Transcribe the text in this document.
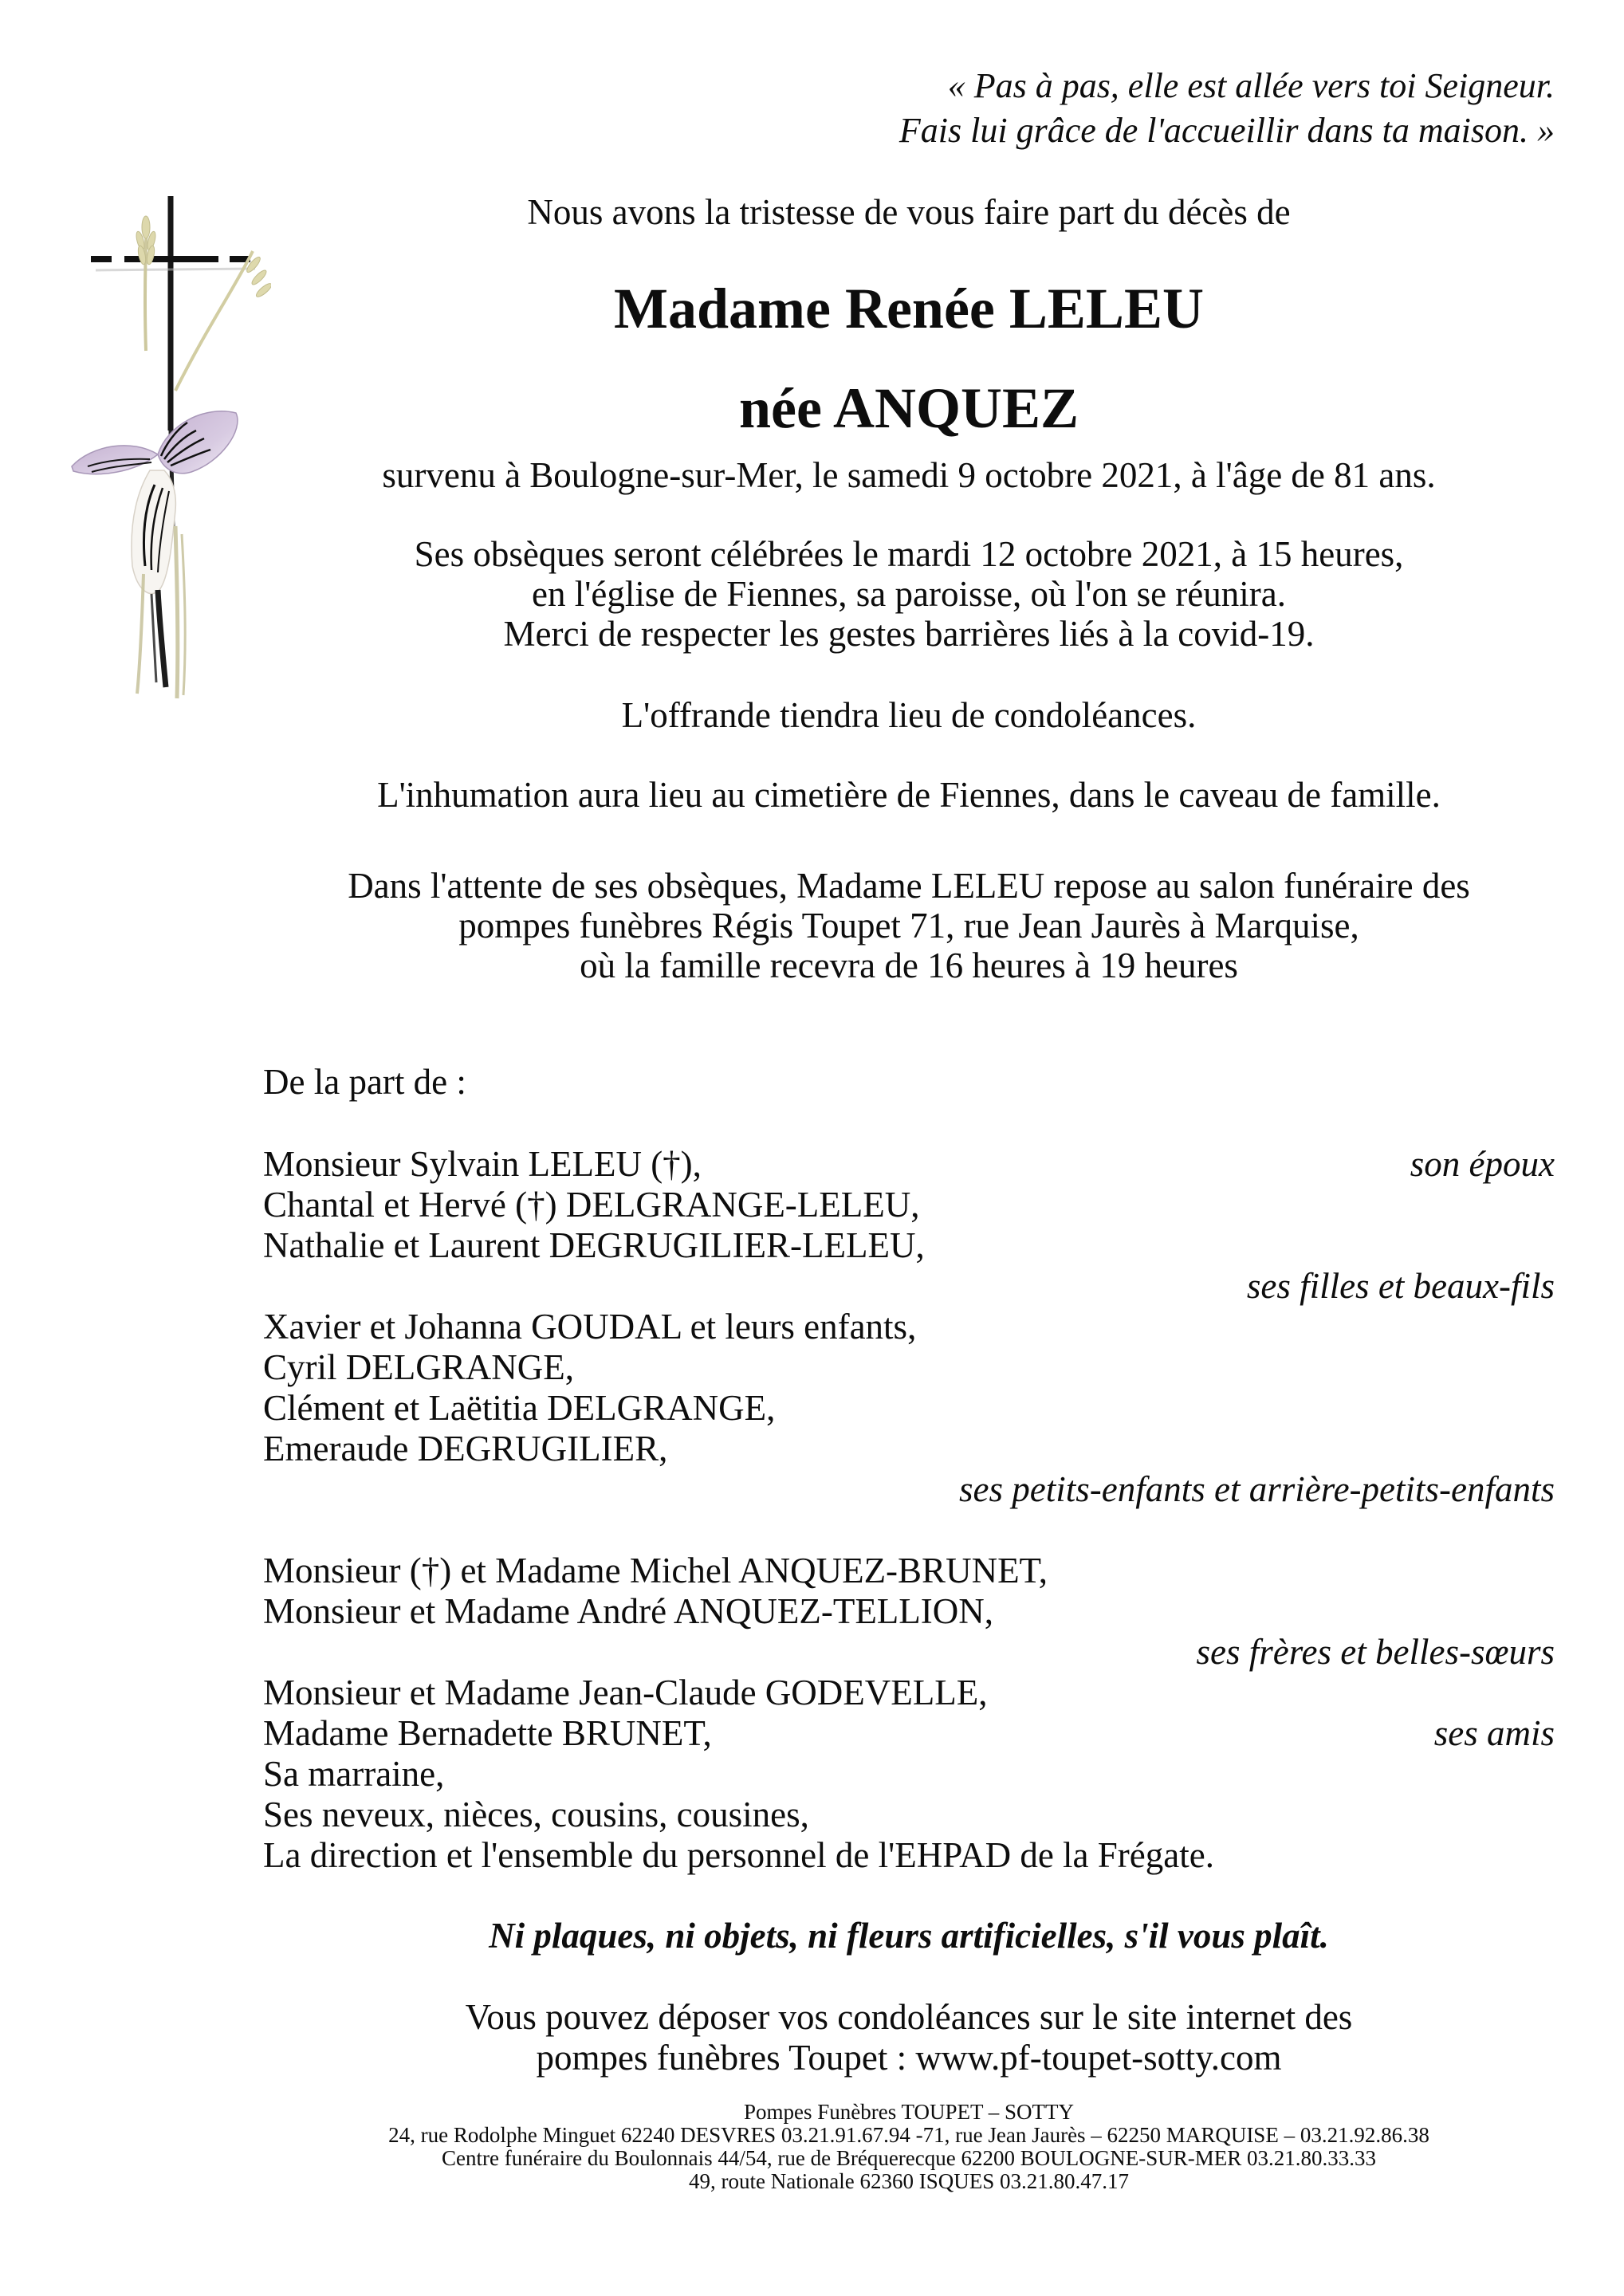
« Pas à pas, elle est allée vers toi Seigneur.
Fais lui grâce de l'accueillir dans ta maison. »
Nous avons la tristesse de vous faire part du décès de
Madame Renée LELEU
née ANQUEZ
survenu à Boulogne-sur-Mer, le samedi 9 octobre 2021, à l'âge de 81 ans.
Ses obsèques seront célébrées le mardi 12 octobre 2021, à 15 heures,
en l'église de Fiennes, sa paroisse, où l'on se réunira.
Merci de respecter les gestes barrières liés à la covid-19.
L'offrande tiendra lieu de condoléances.
L'inhumation aura lieu au cimetière de Fiennes, dans le caveau de famille.
Dans l'attente de ses obsèques, Madame LELEU repose au salon funéraire des
pompes funèbres Régis Toupet 71, rue Jean Jaurès à Marquise,
où la famille recevra de 16 heures à 19 heures
De la part de :
Monsieur Sylvain LELEU (†),	son époux
Chantal et Hervé (†) DELGRANGE-LELEU,
Nathalie et Laurent DEGRUGILIER-LELEU,
ses filles et beaux-fils
Xavier et Johanna GOUDAL et leurs enfants,
Cyril DELGRANGE,
Clément et Laëtitia DELGRANGE,
Emeraude DEGRUGILIER,
ses petits-enfants et arrière-petits-enfants
Monsieur (†) et Madame Michel ANQUEZ-BRUNET,
Monsieur et Madame André ANQUEZ-TELLION,
ses frères et belles-sœurs
Monsieur et Madame Jean-Claude GODEVELLE,
Madame Bernadette BRUNET,	ses amis
Sa marraine,
Ses neveux, nièces, cousins, cousines,
La direction et l'ensemble du personnel de l'EHPAD de la Frégate.
Ni plaques, ni objets, ni fleurs artificielles, s'il vous plaît.
Vous pouvez déposer vos condoléances sur le site internet des
pompes funèbres Toupet : www.pf-toupet-sotty.com
Pompes Funèbres TOUPET – SOTTY
24, rue Rodolphe Minguet 62240 DESVRES 03.21.91.67.94 -71, rue Jean Jaurès – 62250 MARQUISE – 03.21.92.86.38
Centre funéraire du Boulonnais 44/54, rue de Bréquerecque 62200 BOULOGNE-SUR-MER 03.21.80.33.33
49, route Nationale 62360 ISQUES 03.21.80.47.17
